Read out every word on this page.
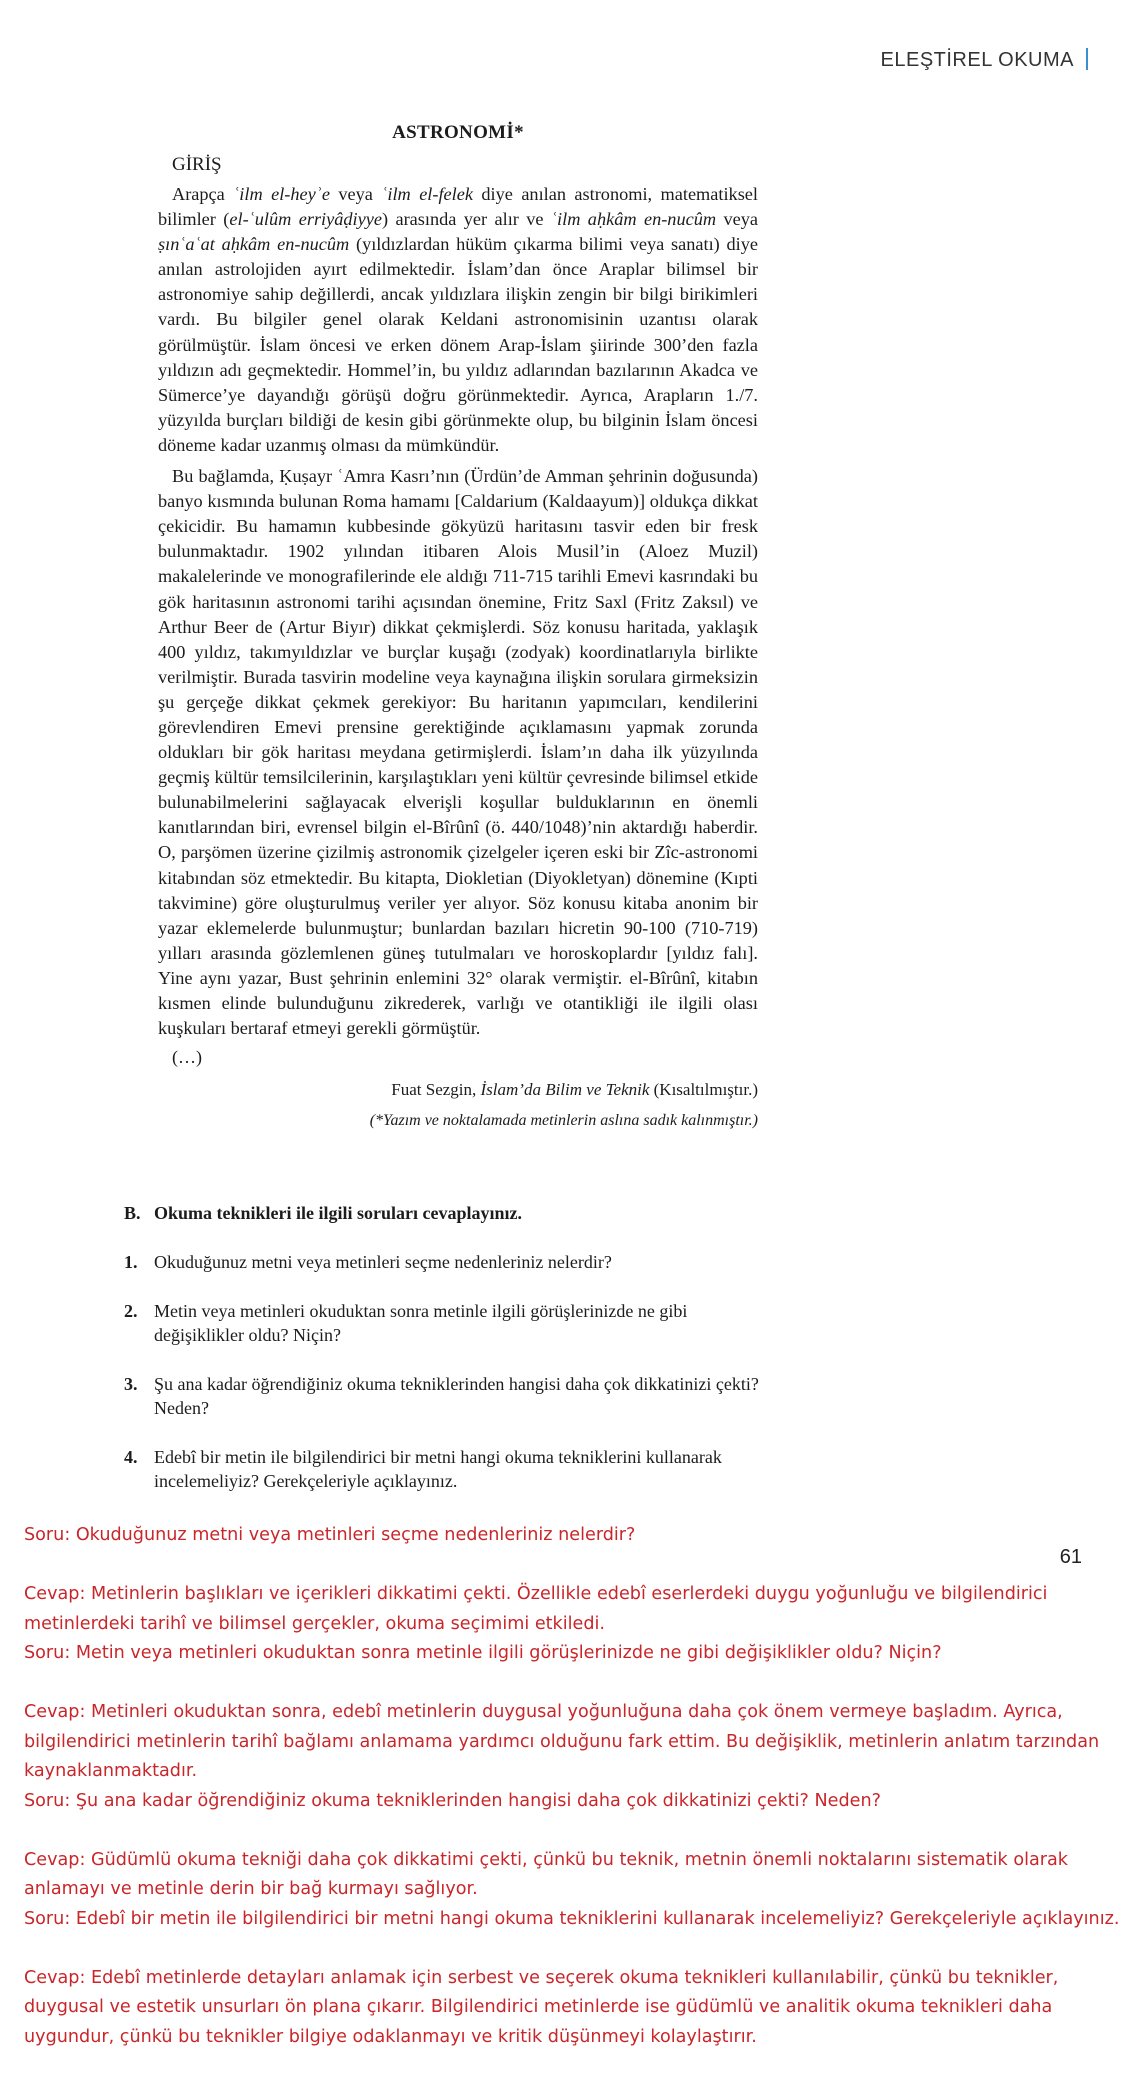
ELEŞTİREL OKUMA
ASTRONOMİ*
GİRİŞ

Arapça ʿilm el-heyʾe veya ʿilm el-felek diye anılan astronomi, matematiksel bilimler (el-ʿulûm erriyâḍiyye) arasında yer alır ve ʿilm aḥkâm en-nucûm veya ṣınʿaʿat aḥkâm en-nucûm (yıldızlardan hüküm çıkarma bilimi veya sanatı) diye anılan astrolojiden ayırt edilmektedir. İslam’dan önce Araplar bilimsel bir astronomiye sahip değillerdi, ancak yıldızlara ilişkin zengin bir bilgi birikimleri vardı. Bu bilgiler genel olarak Keldani astronomisinin uzantısı olarak görülmüştür. İslam öncesi ve erken dönem Arap-İslam şiirinde 300’den fazla yıldızın adı geçmektedir. Hommel’in, bu yıldız adlarından bazılarının Akadca ve Sümerce’ye dayandığı görüşü doğru görünmektedir. Ayrıca, Arapların 1./7. yüzyılda burçları bildiği de kesin gibi görünmekte olup, bu bilginin İslam öncesi döneme kadar uzanmış olması da mümkündür.

Bu bağlamda, Ḳuṣayr ʿAmra Kasrı’nın (Ürdün’de Amman şehrinin doğusunda) banyo kısmında bulunan Roma hamamı [Caldarium (Kaldaayum)] oldukça dikkat çekicidir. Bu hamamın kubbesinde gökyüzü haritasını tasvir eden bir fresk bulunmaktadır. 1902 yılından itibaren Alois Musil’in (Aloez Muzil) makalelerinde ve monografilerinde ele aldığı 711-715 tarihli Emevi kasrındaki bu gök haritasının astronomi tarihi açısından önemine, Fritz Saxl (Fritz Zaksıl) ve Arthur Beer de (Artur Biyır) dikkat çekmişlerdi. Söz konusu haritada, yaklaşık 400 yıldız, takımyıldızlar ve burçlar kuşağı (zodyak) koordinatlarıyla birlikte verilmiştir. Burada tasvirin modeline veya kaynağına ilişkin sorulara girmeksizin şu gerçeğe dikkat çekmek gerekiyor: Bu haritanın yapımcıları, kendilerini görevlendiren Emevi prensine gerektiğinde açıklamasını yapmak zorunda oldukları bir gök haritası meydana getirmişlerdi. İslam’ın daha ilk yüzyılında geçmiş kültür temsilcilerinin, karşılaştıkları yeni kültür çevresinde bilimsel etkide bulunabilmelerini sağlayacak elverişli koşullar bulduklarının en önemli kanıtlarından biri, evrensel bilgin el-Bîrûnî (ö. 440/1048)’nin aktardığı haberdir. O, parşömen üzerine çizilmiş astronomik çizelgeler içeren eski bir Zîc-astronomi kitabından söz etmektedir. Bu kitapta, Diokletian (Diyokletyan) dönemine (Kıpti takvimine) göre oluşturulmuş veriler yer alıyor. Söz konusu kitaba anonim bir yazar eklemelerde bulunmuştur; bunlardan bazıları hicretin 90-100 (710-719) yılları arasında gözlemlenen güneş tutulmaları ve horoskoplardır [yıldız falı]. Yine aynı yazar, Bust şehrinin enlemini 32° olarak vermiştir. el-Bîrûnî, kitabın kısmen elinde bulunduğunu zikrederek, varlığı ve otantikliği ile ilgili olası kuşkuları bertaraf etmeyi gerekli görmüştür.

(…)
Fuat Sezgin, İslam’da Bilim ve Teknik (Kısaltılmıştır.)
(*Yazım ve noktalamada metinlerin aslına sadık kalınmıştır.)
B. Okuma teknikleri ile ilgili soruları cevaplayınız.
1. Okuduğunuz metni veya metinleri seçme nedenleriniz nelerdir?
2. Metin veya metinleri okuduktan sonra metinle ilgili görüşlerinizde ne gibi değişiklikler oldu? Niçin?
3. Şu ana kadar öğrendiğiniz okuma tekniklerinden hangisi daha çok dikkatinizi çekti? Neden?
4. Edebî bir metin ile bilgilendirici bir metni hangi okuma tekniklerini kullanarak incelemeliyiz? Gerekçeleriyle açıklayınız.
61

Soru: Okuduğunuz metni veya metinleri seçme nedenleriniz nelerdir?

Cevap: Metinlerin başlıkları ve içerikleri dikkatimi çekti. Özellikle edebî eserlerdeki duygu yoğunluğu ve bilgilendirici metinlerdeki tarihî ve bilimsel gerçekler, okuma seçimimi etkiledi.

Soru: Metin veya metinleri okuduktan sonra metinle ilgili görüşlerinizde ne gibi değişiklikler oldu? Niçin?

Cevap: Metinleri okuduktan sonra, edebî metinlerin duygusal yoğunluğuna daha çok önem vermeye başladım. Ayrıca, bilgilendirici metinlerin tarihî bağlamı anlamama yardımcı olduğunu fark ettim. Bu değişiklik, metinlerin anlatım tarzından kaynaklanmaktadır.

Soru: Şu ana kadar öğrendiğiniz okuma tekniklerinden hangisi daha çok dikkatinizi çekti? Neden?

Cevap: Güdümlü okuma tekniği daha çok dikkatimi çekti, çünkü bu teknik, metnin önemli noktalarını sistematik olarak anlamayı ve metinle derin bir bağ kurmayı sağlıyor.

Soru: Edebî bir metin ile bilgilendirici bir metni hangi okuma tekniklerini kullanarak incelemeliyiz? Gerekçeleriyle açıklayınız.

Cevap: Edebî metinlerde detayları anlamak için serbest ve seçerek okuma teknikleri kullanılabilir, çünkü bu teknikler, duygusal ve estetik unsurları ön plana çıkarır. Bilgilendirici metinlerde ise güdümlü ve analitik okuma teknikleri daha uygundur, çünkü bu teknikler bilgiye odaklanmayı ve kritik düşünmeyi kolaylaştırır.
